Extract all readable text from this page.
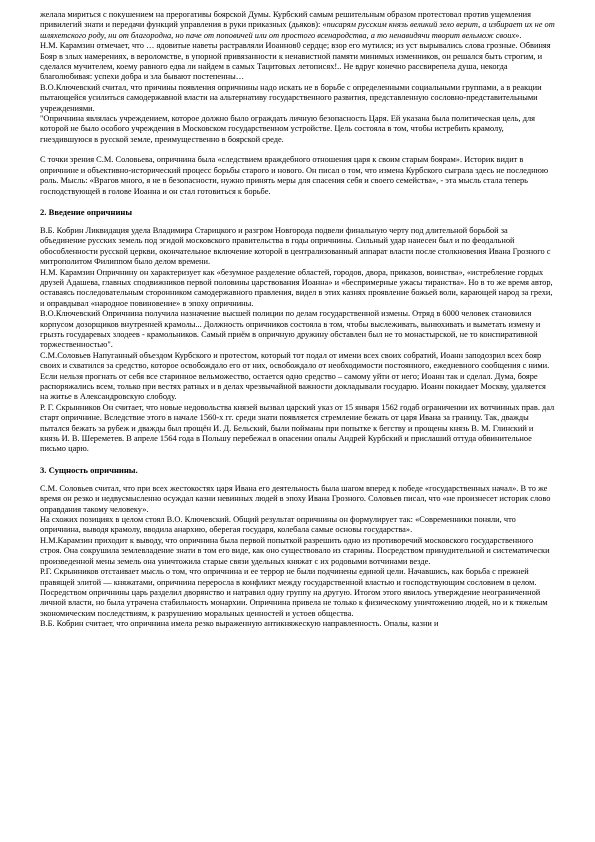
желала мириться с покушением на прерогативы боярской Думы. Курбский самым решительным образом протестовал против ущемления привилегий знати и передачи функций управления в руки приказных (дьяков): «писарям русским князь великий зело верит, а избирает их не от шляхетского роду, ни от благородна, но паче от поповичей или от простого всенародства, а то ненавидячи творит вельмож своих».

Н.М. Карамзин отмечает, что … ядовитые наветы растравляли Иоаннов0 сердце; взор его мутился; из уст вырывались слова грозные. Обвиняя Бояр в злых намерениях, в вероломстве, в упорной привязанности к ненавистной памяти минимых изменников, он решался быть строгим, и сделался мучителем, коему равного едва ли найдем в самых Тацитовых летописях!.. Не вдруг конечно рассвирепела душа, некогда благолюбивая: успехи добра и зла бывают постепенны…

В.О.Ключевский считал, что причины появления опричнины надо искать не в борьбе с определенными социальными группами, а в реакции пытающейся усилиться самодержавной власти на альтернативу государственного развития, представленную сословно-представительными учреждениями.

"Опричнина являлась учреждением, которое должно было ограждать личную безопасность Царя. Ей указана была политическая цель, для которой не было особого учреждения в Московском государственном устройстве. Цель состояла в том, чтобы истребить крамолу, гнездившуюся в русской земле, преимущественно в боярской среде.

С точки зрения С.М. Соловьева, опричнина была «следствием враждебного отношения царя к своим старым боярам». Историк видит в опричнине и объективно-исторический процесс борьбы старого и нового. Он писал о том, что измена Курбского сыграла здесь не последнюю роль. Мысль: «Врагов много, я не в безопасности, нужно принять меры для спасения себя и своего семейства», - эта мысль стала теперь господствующей в голове Иоанна и он стал готовиться к борьбе.

2. Введение опричнины

В.Б. Кобрин Ликвидация удела Владимира Старицкого и разгром Новгорода подвели финальную черту под длительной борьбой за объединение русских земель под эгидой московского правительства в годы опричнины. Сильный удар нанесен был и по феодальной обособленности русской церкви, окончательное включение которой в централизованный аппарат власти после столкновения Ивана Грозного с митрополитом Филиппом было делом времени.

Н.М. Карамзин Опричнину он характеризует как «безумное разделение областей, городов, двора, приказов, воинства», «истребление гордых друзей Адашева, главных сподвижников первой половины царствования Иоанна» и «беспримерные ужасы тиранства». Но в то же время автор, оставаясь последовательным сторонником самодержавного правления, видел в этих казнях проявление божьей воли, карающей народ за грехи, и оправдывал «народное повиновение» в эпоху опричнины.

В.О.Ключевский Опричнина получила назначение высшей полиции по делам государственной измены. Отряд в 6000 человек становился корпусом дозорщиков внутренней крамолы... Должность опричников состояла в том, чтобы выслеживать, вынюхивать и выметать измену и грызть государевых злодеев - крамольников. Самый приём в опричную дружину обставлен был не то монастырской, не то конспиративной торжественностью".

С.М.Соловьев Напуганный объездом Курбского и протестом, который тот подал от имени всех своих собратий, Иоанн заподозрил всех бояр своих и схватился за средство, которое освобождало его от них, освобождало от необходимости постоянного, ежедневного сообщения с ними. Если нельзя прогнать от себя все старинное вельможество, остается одно средство – самому уйти от него; Иоанн так и сделал. Дума, бояре распоряжались всем, только при вестях ратных и в делах чрезвычайной важности докладывали государю. Иоанн покидает Москву, удаляется на житье в Александровскую слободу.

Р. Г. Скрынников Он считает, что новые недовольства князей вызвал царский указ от 15 января 1562 годаб ограничении их вотчинных прав. дал старт опричнине. Вследствие этого в начале 1560-х гг. среди знати появляется стремление бежать от царя Ивана за границу. Так, дважды пытался бежать за рубеж и дважды был прощён И. Д. Бельский, были пойманы при попытке к бегству и прощены князь В. М. Глинский и князь И. В. Шереметев. В апреле 1564 года в Польшу перебежал в опасении опалы Андрей Курбский и прислаший оттуда обвинительное письмо царю.

3. Сущность опричнины.

С.М. Соловьев считал, что при всех жестокостях царя Ивана его деятельность была шагом вперед к победе «государственных начал». В то же время он резко и недвусмысленно осуждал казни невинных людей в эпоху Ивана Грозного. Соловьев писал, что «не произнесет историк слово оправдания такому человеку».

На схожих позициях в целом стоял В.О. Ключевский. Общий результат опричнины он формулирует так: «Современники поняли, что опричнина, выводя крамолу, вводила анархию, оберегая государя, колебала самые основы государства».

Н.М.Карамзин приходит к выводу, что опричнина была первой попыткой разрешить одно из противоречий московского государственного строя. Она сокрушила землевладение знати в том его виде, как оно существовало из старины. Посредством принудительной и систематически произведенной мены земель она уничтожила старые связи удельных княжат с их родовыми вотчинами везде.

Р.Г. Скрынников отстаивает мысль о том, что опричнина и ее террор не были подчинены единой цели. Начавшись, как борьба с прежней правящей элитой — княжатами, опричнина переросла в конфликт между государственной властью и господствующим сословием в целом. Посредством опричнины царь разделил дворянство и натравил одну группу на другую. Итогом этого явилось утверждение неограниченной личной власти, но была утрачена стабильность монархии. Опричнина привела не только к физическому уничтожению людей, но и к тяжелым экономическим последствиям, к разрушению моральных ценностей и устоев общества.

В.Б. Кобрин считает, что опричнина имела резко выраженную антикняжескую направленность. Опалы, казни и
